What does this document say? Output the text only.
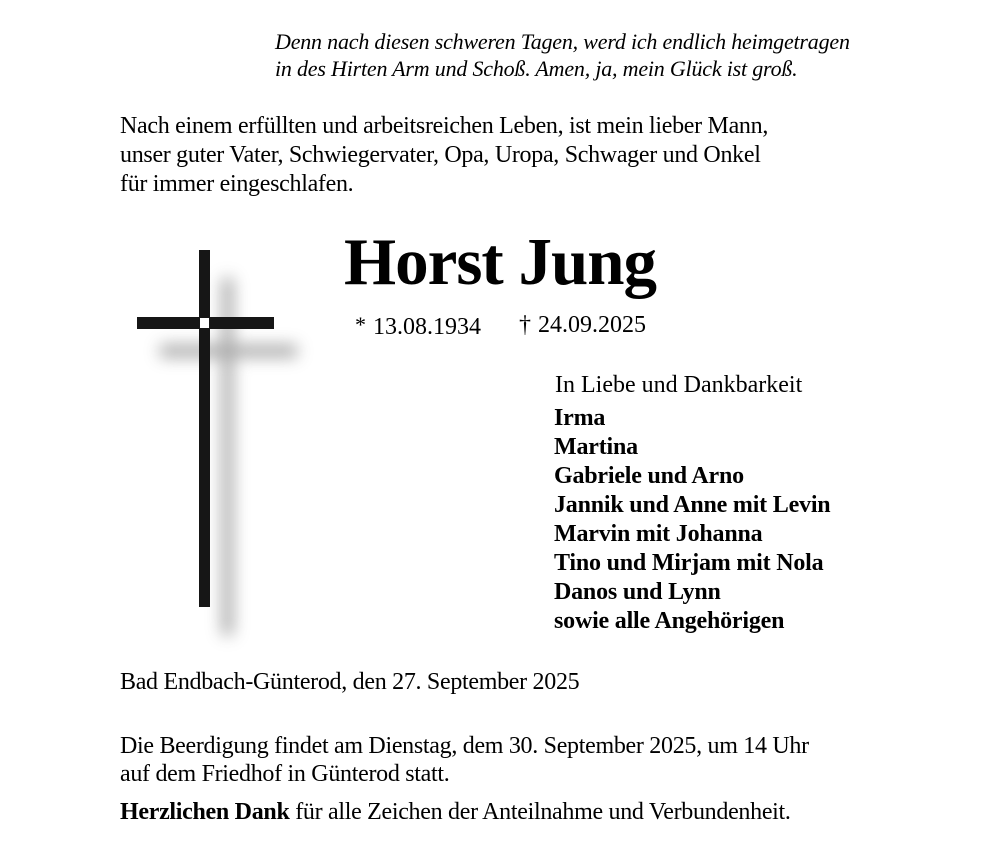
Denn nach diesen schweren Tagen, werd ich endlich heimgetragen
in des Hirten Arm und Schoß. Amen, ja, mein Glück ist groß.
Nach einem erfüllten und arbeitsreichen Leben, ist mein lieber Mann,
unser guter Vater, Schwiegervater, Opa, Uropa, Schwager und Onkel
für immer eingeschlafen.
Horst Jung
* 13.08.1934 † 24.09.2025
In Liebe und Dankbarkeit
Irma
Martina
Gabriele und Arno
Jannik und Anne mit Levin
Marvin mit Johanna
Tino und Mirjam mit Nola
Danos und Lynn
sowie alle Angehörigen
Bad Endbach-Günterod, den 27. September 2025
Die Beerdigung findet am Dienstag, dem 30. September 2025, um 14 Uhr
auf dem Friedhof in Günterod statt.
Herzlichen Dank für alle Zeichen der Anteilnahme und Verbundenheit.
